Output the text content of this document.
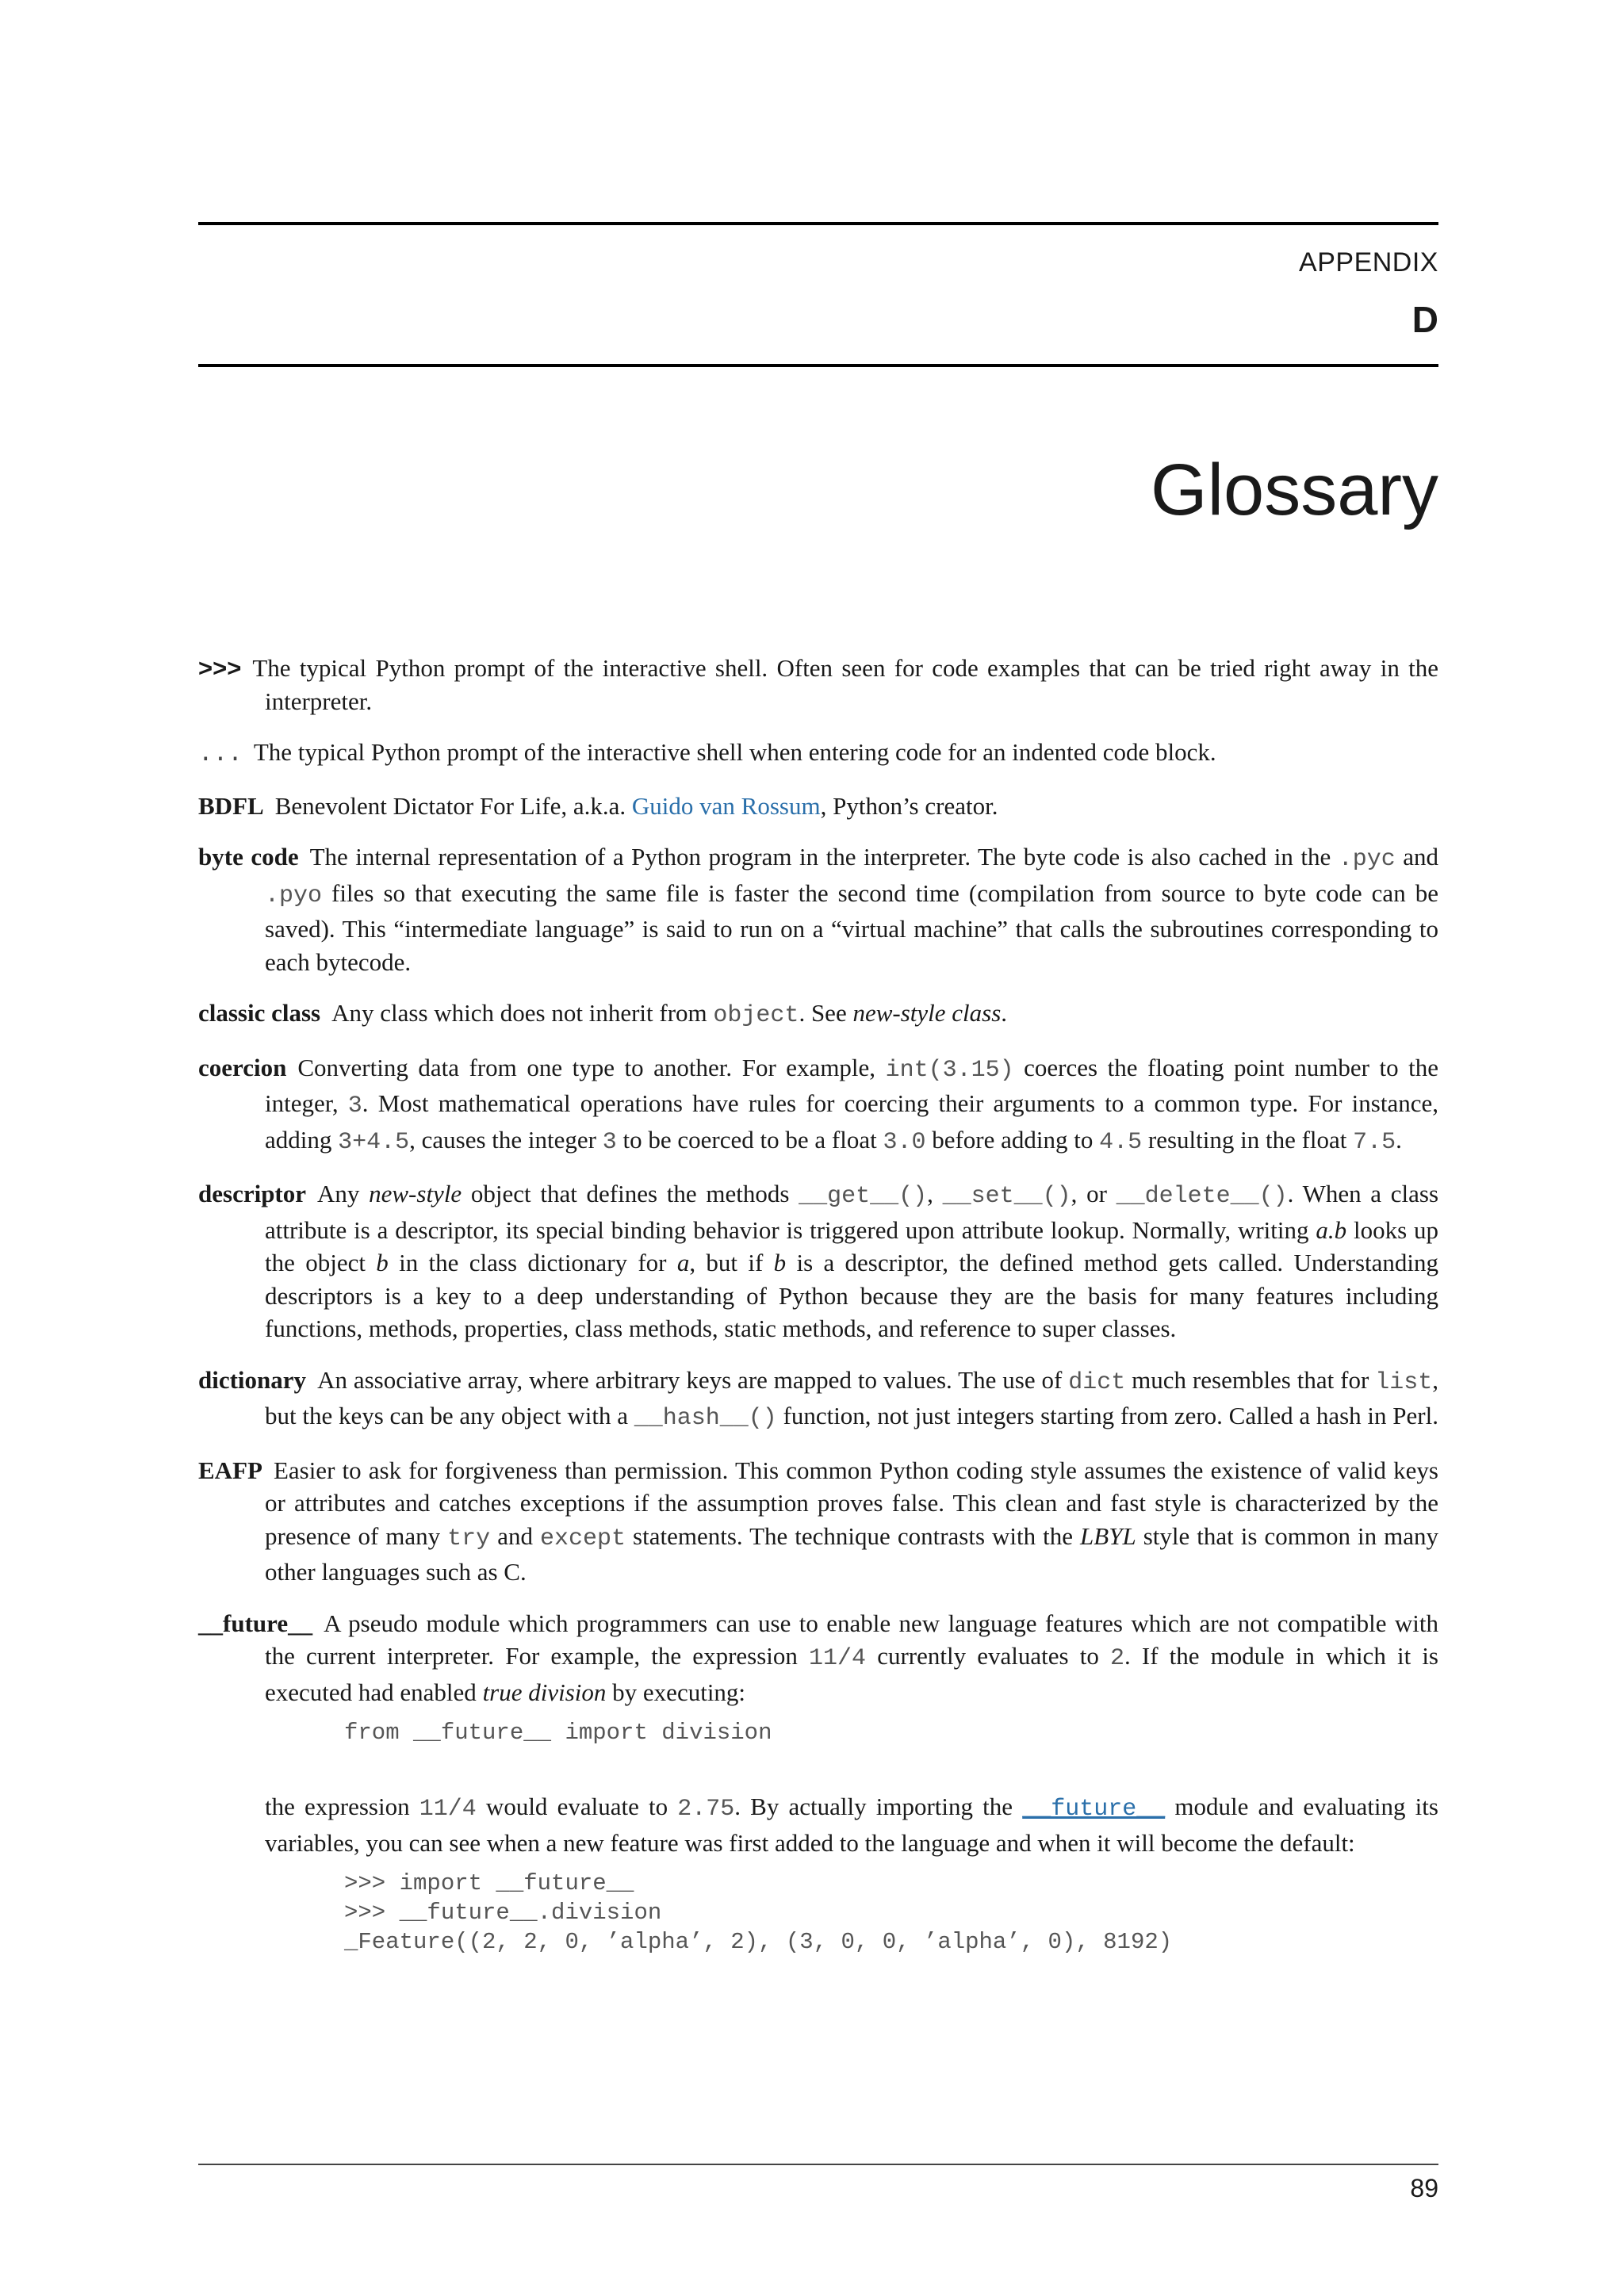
APPENDIX
D
Glossary
>>> The typical Python prompt of the interactive shell. Often seen for code examples that can be tried right away in the interpreter.
... The typical Python prompt of the interactive shell when entering code for an indented code block.
BDFL Benevolent Dictator For Life, a.k.a. Guido van Rossum, Python’s creator.
byte code The internal representation of a Python program in the interpreter. The byte code is also cached in the .pyc and .pyo files so that executing the same file is faster the second time (compilation from source to byte code can be saved). This “intermediate language” is said to run on a “virtual machine” that calls the subroutines corresponding to each bytecode.
classic class Any class which does not inherit from object. See new-style class.
coercion Converting data from one type to another. For example, int(3.15) coerces the floating point number to the integer, 3. Most mathematical operations have rules for coercing their arguments to a common type. For instance, adding 3+4.5, causes the integer 3 to be coerced to be a float 3.0 before adding to 4.5 resulting in the float 7.5.
descriptor Any new-style object that defines the methods __get__(), __set__(), or __delete__(). When a class attribute is a descriptor, its special binding behavior is triggered upon attribute lookup. Normally, writing a.b looks up the object b in the class dictionary for a, but if b is a descriptor, the defined method gets called. Understanding descriptors is a key to a deep understanding of Python because they are the basis for many features including functions, methods, properties, class methods, static methods, and reference to super classes.
dictionary An associative array, where arbitrary keys are mapped to values. The use of dict much resembles that for list, but the keys can be any object with a __hash__() function, not just integers starting from zero. Called a hash in Perl.
EAFP Easier to ask for forgiveness than permission. This common Python coding style assumes the existence of valid keys or attributes and catches exceptions if the assumption proves false. This clean and fast style is characterized by the presence of many try and except statements. The technique contrasts with the LBYL style that is common in many other languages such as C.
__future__ A pseudo module which programmers can use to enable new language features which are not compatible with the current interpreter. For example, the expression 11/4 currently evaluates to 2. If the module in which it is executed had enabled true division by executing:
from __future__ import division
the expression 11/4 would evaluate to 2.75. By actually importing the __future__ module and evaluating its variables, you can see when a new feature was first added to the language and when it will become the default:
>>> import __future__
>>> __future__.division
_Feature((2, 2, 0, ’alpha’, 2), (3, 0, 0, ’alpha’, 0), 8192)
89
